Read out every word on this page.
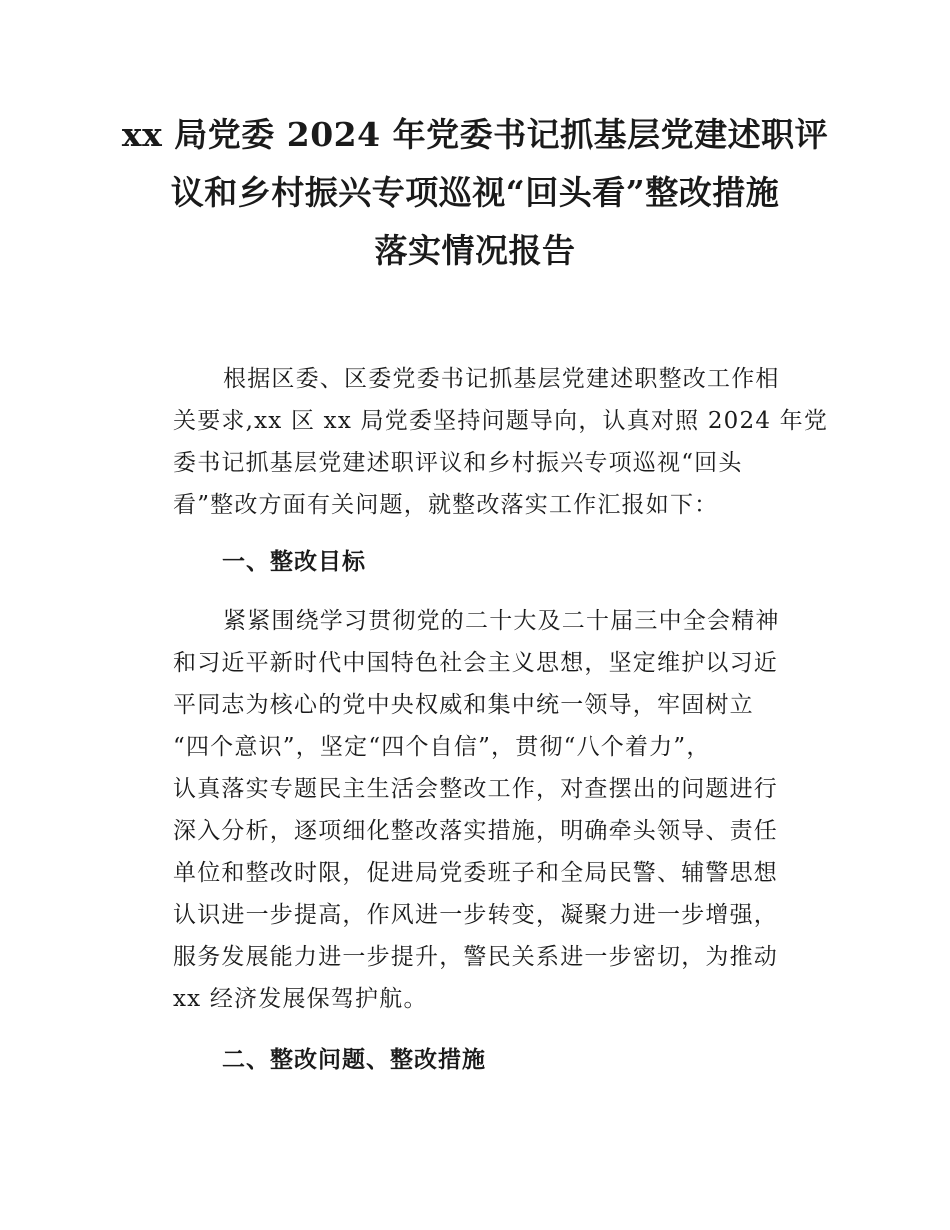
xx 局党委 2024 年党委书记抓基层党建述职评
议和乡村振兴专项巡视“回头看”整改措施
落实情况报告

根据区委、区委党委书记抓基层党建述职整改工作相
关要求,xx 区 xx 局党委坚持问题导向，认真对照 2024 年党
委书记抓基层党建述职评议和乡村振兴专项巡视“回头
看”整改方面有关问题，就整改落实工作汇报如下：

一、整改目标

紧紧围绕学习贯彻党的二十大及二十届三中全会精神
和习近平新时代中国特色社会主义思想，坚定维护以习近
平同志为核心的党中央权威和集中统一领导，牢固树立
“四个意识”，坚定“四个自信”，贯彻“八个着力”，
认真落实专题民主生活会整改工作，对查摆出的问题进行
深入分析，逐项细化整改落实措施，明确牵头领导、责任
单位和整改时限，促进局党委班子和全局民警、辅警思想
认识进一步提高，作风进一步转变，凝聚力进一步增强，
服务发展能力进一步提升，警民关系进一步密切，为推动
xx 经济发展保驾护航。

二、整改问题、整改措施
